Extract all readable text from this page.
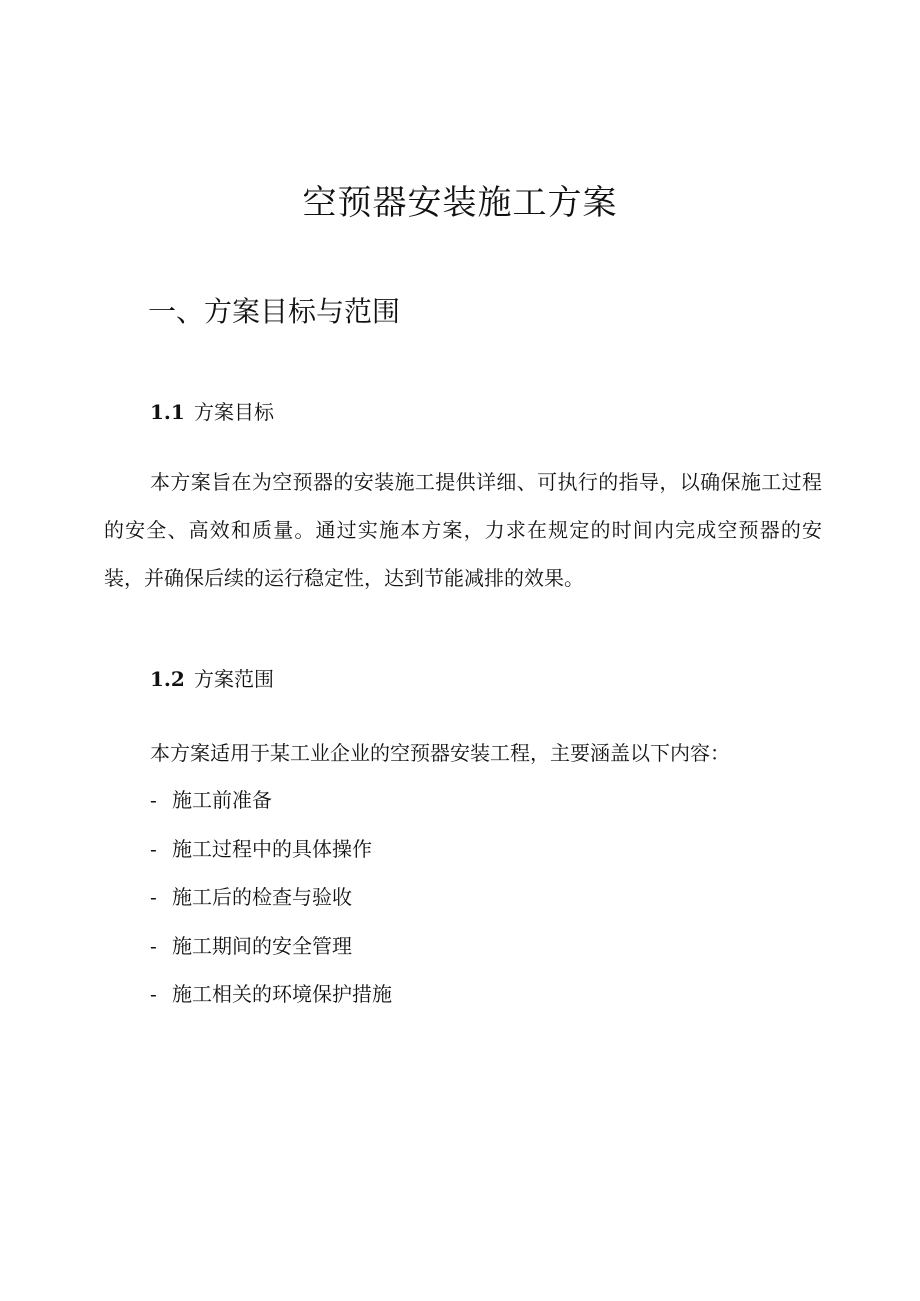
空预器安装施工方案
一、方案目标与范围
1.1 方案目标

本方案旨在为空预器的安装施工提供详细、可执行的指导，以确保施工过程的安全、高效和质量。通过实施本方案，力求在规定的时间内完成空预器的安装，并确保后续的运行稳定性，达到节能减排的效果。

1.2 方案范围

本方案适用于某工业企业的空预器安装工程，主要涵盖以下内容：

- 施工前准备
- 施工过程中的具体操作
- 施工后的检查与验收
- 施工期间的安全管理
- 施工相关的环境保护措施
